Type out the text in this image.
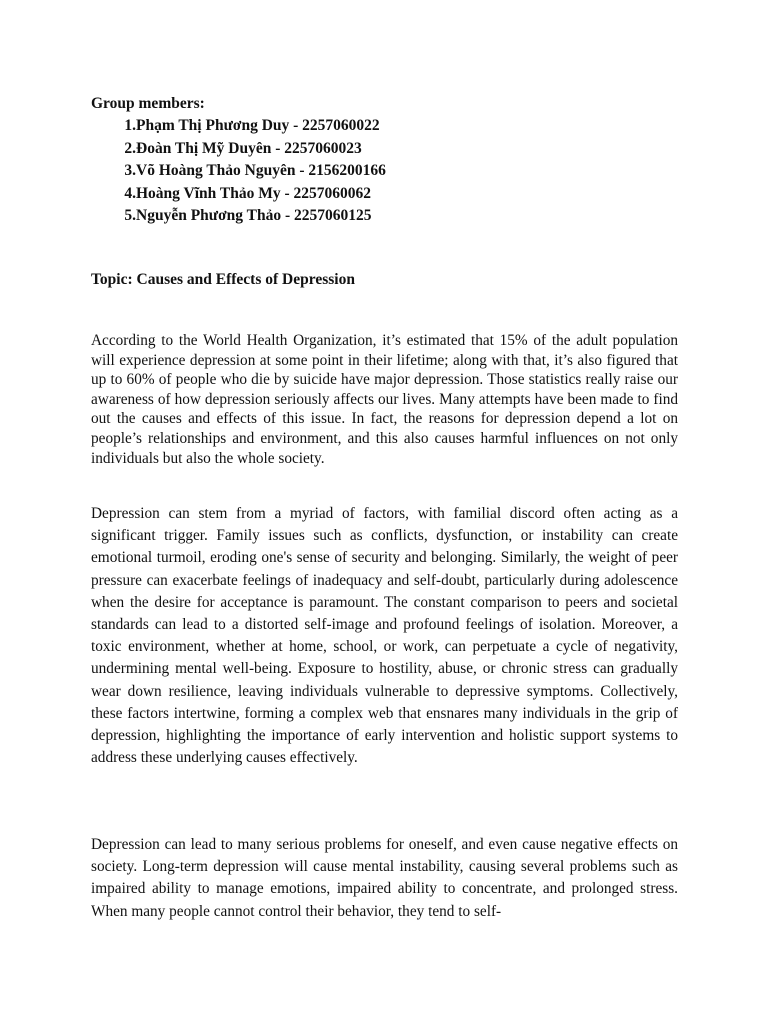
Group members:

1. Phạm Thị Phương Duy - 2257060022
2. Đoàn Thị Mỹ Duyên - 2257060023
3. Võ Hoàng Thảo Nguyên - 2156200166
4. Hoàng Vĩnh Thảo My - 2257060062
5. Nguyễn Phương Thảo - 2257060125

Topic: Causes and Effects of Depression

According to the World Health Organization, it’s estimated that 15% of the adult population will experience depression at some point in their lifetime; along with that, it’s also figured that up to 60% of people who die by suicide have major depression. Those statistics really raise our awareness of how depression seriously affects our lives. Many attempts have been made to find out the causes and effects of this issue. In fact, the reasons for depression depend a lot on people’s relationships and environment, and this also causes harmful influences on not only individuals but also the whole society.

Depression can stem from a myriad of factors, with familial discord often acting as a significant trigger. Family issues such as conflicts, dysfunction, or instability can create emotional turmoil, eroding one's sense of security and belonging. Similarly, the weight of peer pressure can exacerbate feelings of inadequacy and self-doubt, particularly during adolescence when the desire for acceptance is paramount. The constant comparison to peers and societal standards can lead to a distorted self-image and profound feelings of isolation. Moreover, a toxic environment, whether at home, school, or work, can perpetuate a cycle of negativity, undermining mental well-being. Exposure to hostility, abuse, or chronic stress can gradually wear down resilience, leaving individuals vulnerable to depressive symptoms. Collectively, these factors intertwine, forming a complex web that ensnares many individuals in the grip of depression, highlighting the importance of early intervention and holistic support systems to address these underlying causes effectively.

Depression can lead to many serious problems for oneself, and even cause negative effects on society. Long-term depression will cause mental instability, causing several problems such as impaired ability to manage emotions, impaired ability to concentrate, and prolonged stress. When many people cannot control their behavior, they tend to self-
